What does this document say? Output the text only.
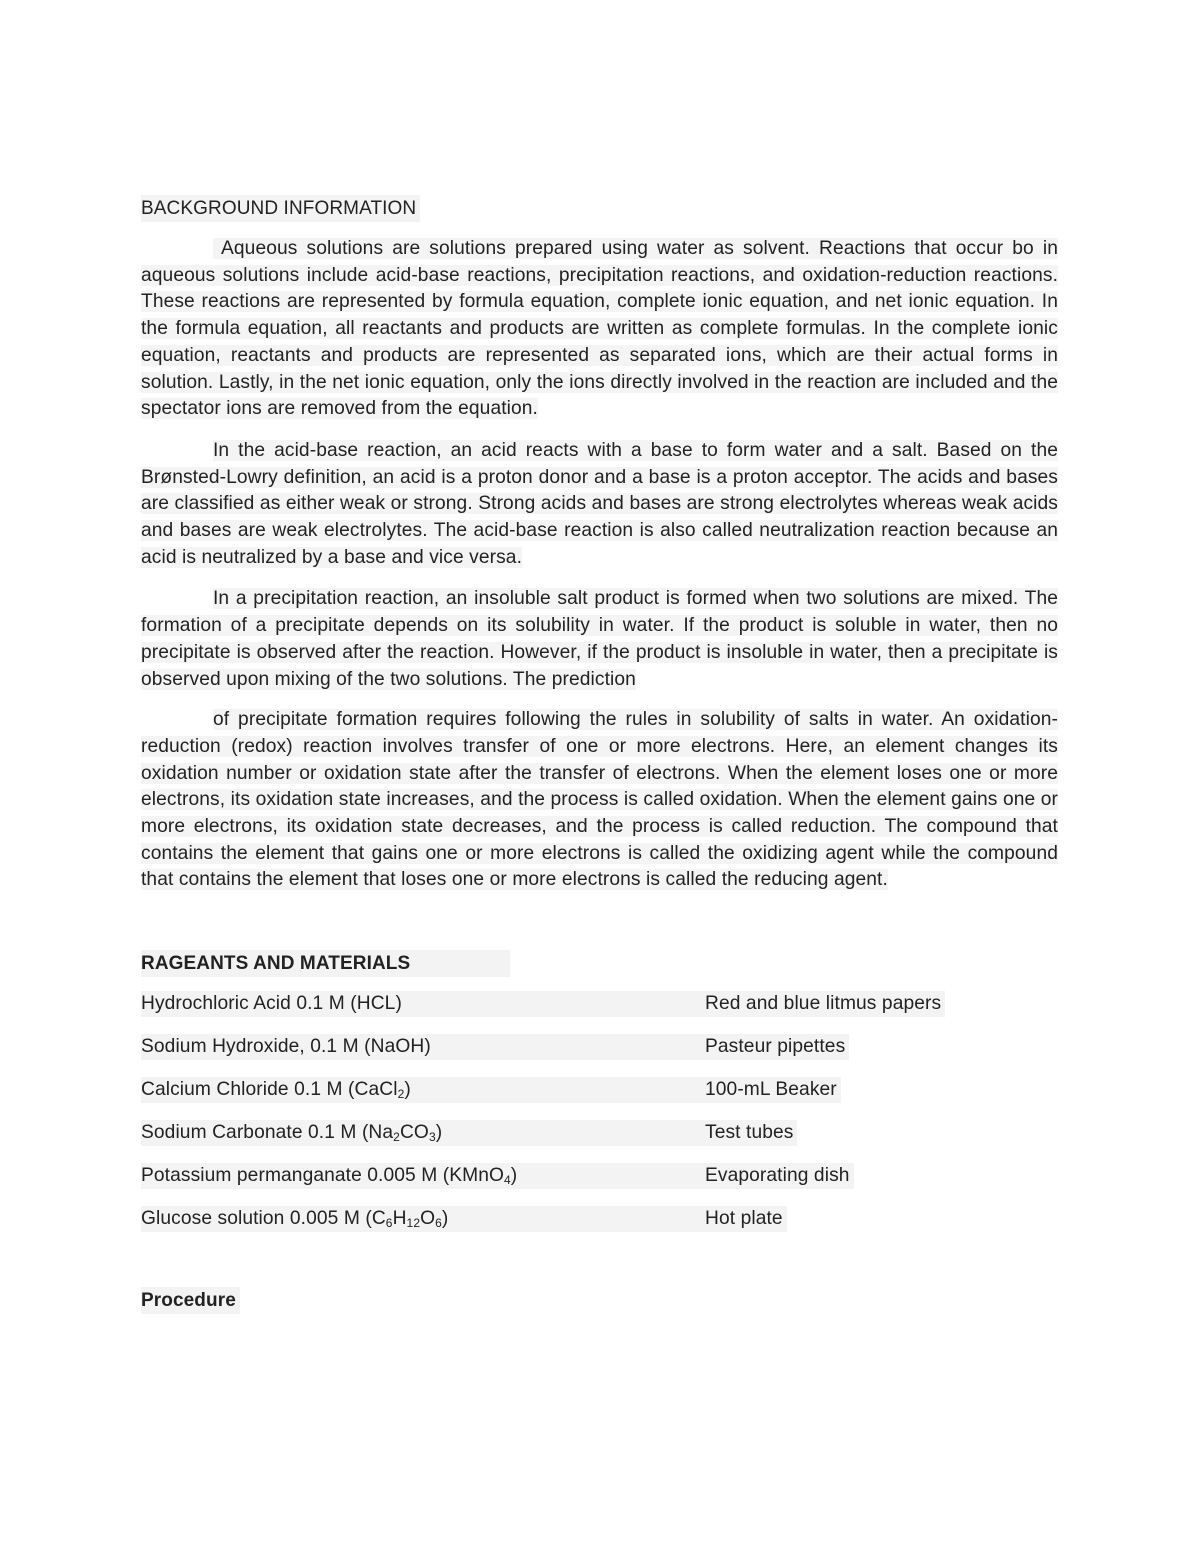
BACKGROUND INFORMATION

Aqueous solutions are solutions prepared using water as solvent. Reactions that occur bo in aqueous solutions include acid-base reactions, precipitation reactions, and oxidation-reduction reactions. These reactions are represented by formula equation, complete ionic equation, and net ionic equation. In the formula equation, all reactants and products are written as complete formulas. In the complete ionic equation, reactants and products are represented as separated ions, which are their actual forms in solution. Lastly, in the net ionic equation, only the ions directly involved in the reaction are included and the spectator ions are removed from the equation.

In the acid-base reaction, an acid reacts with a base to form water and a salt. Based on the Brønsted-Lowry definition, an acid is a proton donor and a base is a proton acceptor. The acids and bases are classified as either weak or strong. Strong acids and bases are strong electrolytes whereas weak acids and bases are weak electrolytes. The acid-base reaction is also called neutralization reaction because an acid is neutralized by a base and vice versa.

In a precipitation reaction, an insoluble salt product is formed when two solutions are mixed. The formation of a precipitate depends on its solubility in water. If the product is soluble in water, then no precipitate is observed after the reaction. However, if the product is insoluble in water, then a precipitate is observed upon mixing of the two solutions. The prediction

of precipitate formation requires following the rules in solubility of salts in water. An oxidation-reduction (redox) reaction involves transfer of one or more electrons. Here, an element changes its oxidation number or oxidation state after the transfer of electrons. When the element loses one or more electrons, its oxidation state increases, and the process is called oxidation. When the element gains one or more electrons, its oxidation state decreases, and the process is called reduction. The compound that contains the element that gains one or more electrons is called the oxidizing agent while the compound that contains the element that loses one or more electrons is called the reducing agent.

RAGEANTS AND MATERIALS
Hydrochloric Acid 0.1 M (HCL)	Red and blue litmus papers
Sodium Hydroxide, 0.1 M (NaOH)	Pasteur pipettes
Calcium Chloride 0.1 M (CaCl$_2$)	100-mL Beaker
Sodium Carbonate 0.1 M $(Na_2CO_3)$	Test tubes
Potassium permanganate 0.005 M (KMnO$_4$)	Evaporating dish
Glucose solution 0.005 M $(C_6H_{12}O_6)$	Hot plate
Procedure
